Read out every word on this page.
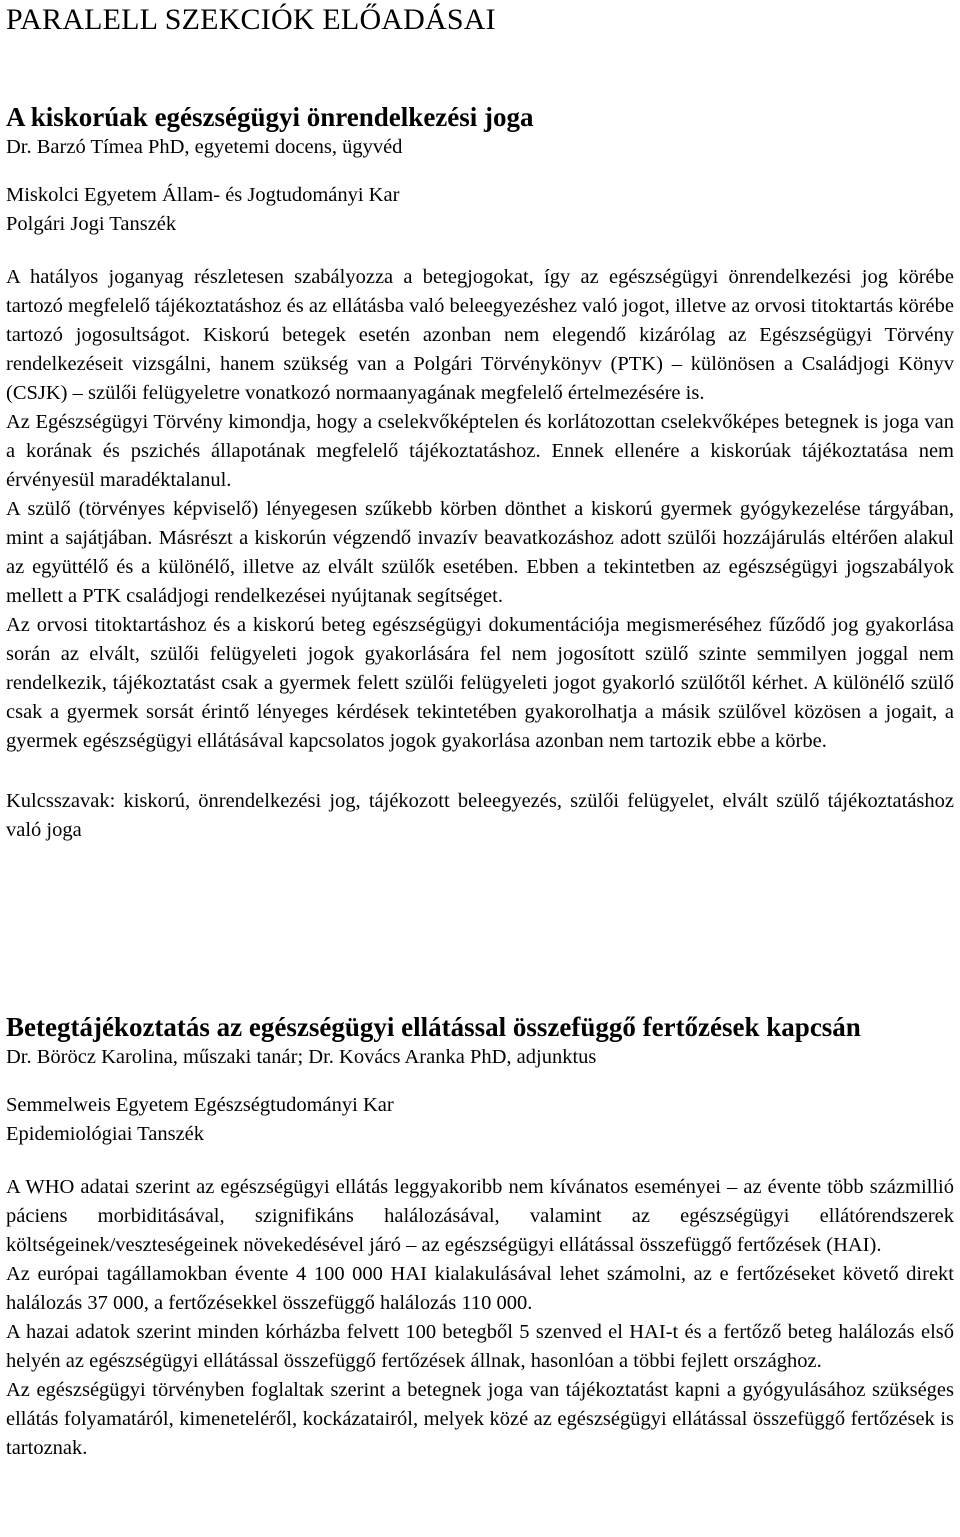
PARALELL SZEKCIÓK ELŐADÁSAI
A kiskorúak egészségügyi önrendelkezési joga

Dr. Barzó Tímea PhD, egyetemi docens, ügyvéd

Miskolci Egyetem Állam- és Jogtudományi Kar
Polgári Jogi Tanszék

A hatályos joganyag részletesen szabályozza a betegjogokat, így az egészségügyi önrendelkezési jog körébe tartozó megfelelő tájékoztatáshoz és az ellátásba való beleegyezéshez való jogot, illetve az orvosi titoktartás körébe tartozó jogosultságot. Kiskorú betegek esetén azonban nem elegendő kizárólag az Egészségügyi Törvény rendelkezéseit vizsgálni, hanem szükség van a Polgári Törvénykönyv (PTK) – különösen a Családjogi Könyv (CSJK) – szülői felügyeletre vonatkozó normaanyagának megfelelő értelmezésére is.

Az Egészségügyi Törvény kimondja, hogy a cselekvőképtelen és korlátozottan cselekvőképes betegnek is joga van a korának és pszichés állapotának megfelelő tájékoztatáshoz. Ennek ellenére a kiskorúak tájékoztatása nem érvényesül maradéktalanul.

A szülő (törvényes képviselő) lényegesen szűkebb körben dönthet a kiskorú gyermek gyógykezelése tárgyában, mint a sajátjában. Másrészt a kiskorún végzendő invazív beavatkozáshoz adott szülői hozzájárulás eltérően alakul az együttélő és a különélő, illetve az elvált szülők esetében. Ebben a tekintetben az egészségügyi jogszabályok mellett a PTK családjogi rendelkezései nyújtanak segítséget.

Az orvosi titoktartáshoz és a kiskorú beteg egészségügyi dokumentációja megismeréséhez fűződő jog gyakorlása során az elvált, szülői felügyeleti jogok gyakorlására fel nem jogosított szülő szinte semmilyen joggal nem rendelkezik, tájékoztatást csak a gyermek felett szülői felügyeleti jogot gyakorló szülőtől kérhet. A különélő szülő csak a gyermek sorsát érintő lényeges kérdések tekintetében gyakorolhatja a másik szülővel közösen a jogait, a gyermek egészségügyi ellátásával kapcsolatos jogok gyakorlása azonban nem tartozik ebbe a körbe.

Kulcsszavak: kiskorú, önrendelkezési jog, tájékozott beleegyezés, szülői felügyelet, elvált szülő tájékoztatáshoz való joga

Betegtájékoztatás az egészségügyi ellátással összefüggő fertőzések kapcsán

Dr. Böröcz Karolina, műszaki tanár; Dr. Kovács Aranka PhD, adjunktus

Semmelweis Egyetem Egészségtudományi Kar
Epidemiológiai Tanszék

A WHO adatai szerint az egészségügyi ellátás leggyakoribb nem kívánatos eseményei – az évente több százmillió páciens morbiditásával, szignifikáns halálozásával, valamint az egészségügyi ellátórendszerek költségeinek/veszteségeinek növekedésével járó – az egészségügyi ellátással összefüggő fertőzések (HAI).

Az európai tagállamokban évente 4 100 000 HAI kialakulásával lehet számolni, az e fertőzéseket követő direkt halálozás 37 000, a fertőzésekkel összefüggő halálozás 110 000.

A hazai adatok szerint minden kórházba felvett 100 betegből 5 szenved el HAI-t és a fertőző beteg halálozás első helyén az egészségügyi ellátással összefüggő fertőzések állnak, hasonlóan a többi fejlett országhoz.

Az egészségügyi törvényben foglaltak szerint a betegnek joga van tájékoztatást kapni a gyógyulásához szükséges ellátás folyamatáról, kimeneteléről, kockázatairól, melyek közé az egészségügyi ellátással összefüggő fertőzések is tartoznak.
